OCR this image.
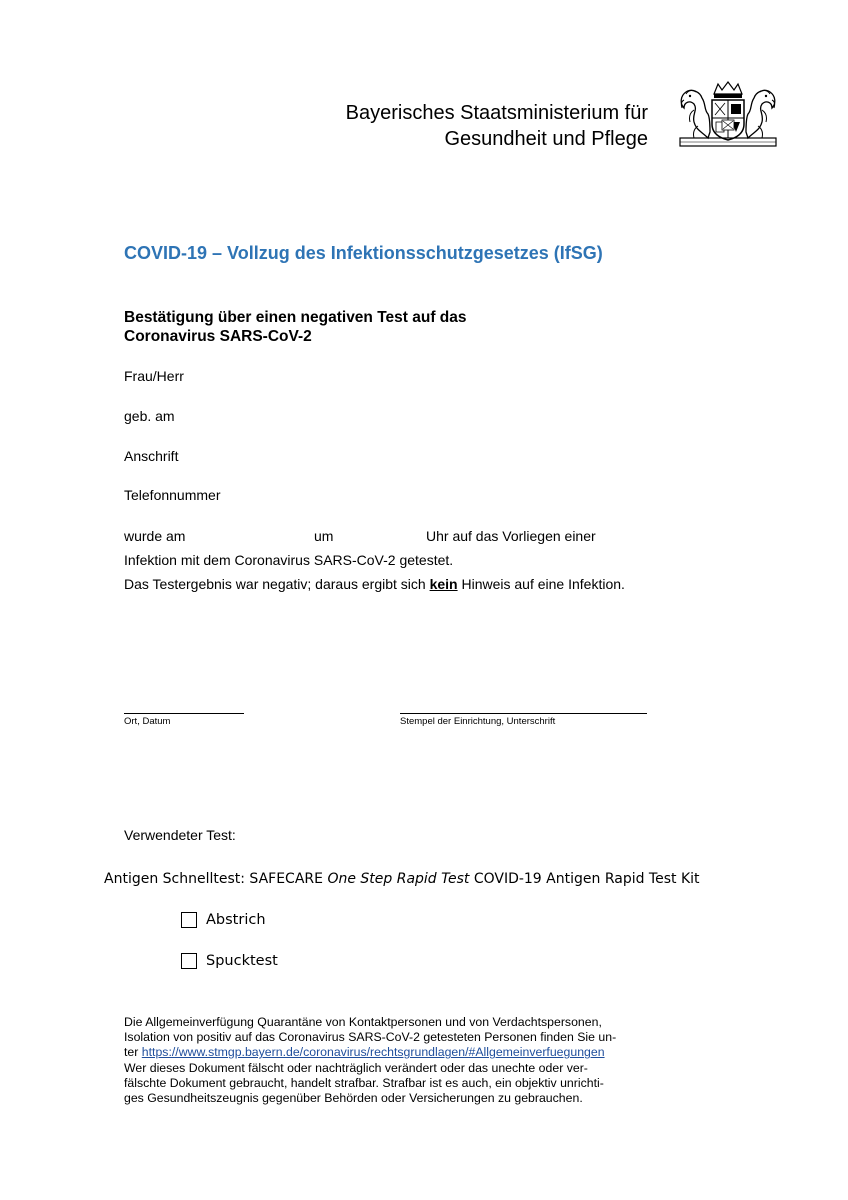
Bayerisches Staatsministerium für
Gesundheit und Pflege
COVID-19 – Vollzug des Infektionsschutzgesetzes (IfSG)
Bestätigung über einen negativen Test auf das
Coronavirus SARS-CoV-2
Frau/Herr
geb. am
Anschrift
Telefonnummer
wurde am	um	Uhr auf das Vorliegen einer
Infektion mit dem Coronavirus SARS-CoV-2 getestet.
Das Testergebnis war negativ; daraus ergibt sich kein Hinweis auf eine Infektion.
Ort, Datum	Stempel der Einrichtung, Unterschrift
Verwendeter Test:
Antigen Schnelltest: SAFECARE One Step Rapid Test COVID-19 Antigen Rapid Test Kit
Abstrich
Spucktest
Die Allgemeinverfügung Quarantäne von Kontaktpersonen und von Verdachtspersonen,
Isolation von positiv auf das Coronavirus SARS-CoV-2 getesteten Personen finden Sie un-
ter https://www.stmgp.bayern.de/coronavirus/rechtsgrundlagen/#Allgemeinverfuegungen
Wer dieses Dokument fälscht oder nachträglich verändert oder das unechte oder ver-
fälschte Dokument gebraucht, handelt strafbar. Strafbar ist es auch, ein objektiv unrichti-
ges Gesundheitszeugnis gegenüber Behörden oder Versicherungen zu gebrauchen.
